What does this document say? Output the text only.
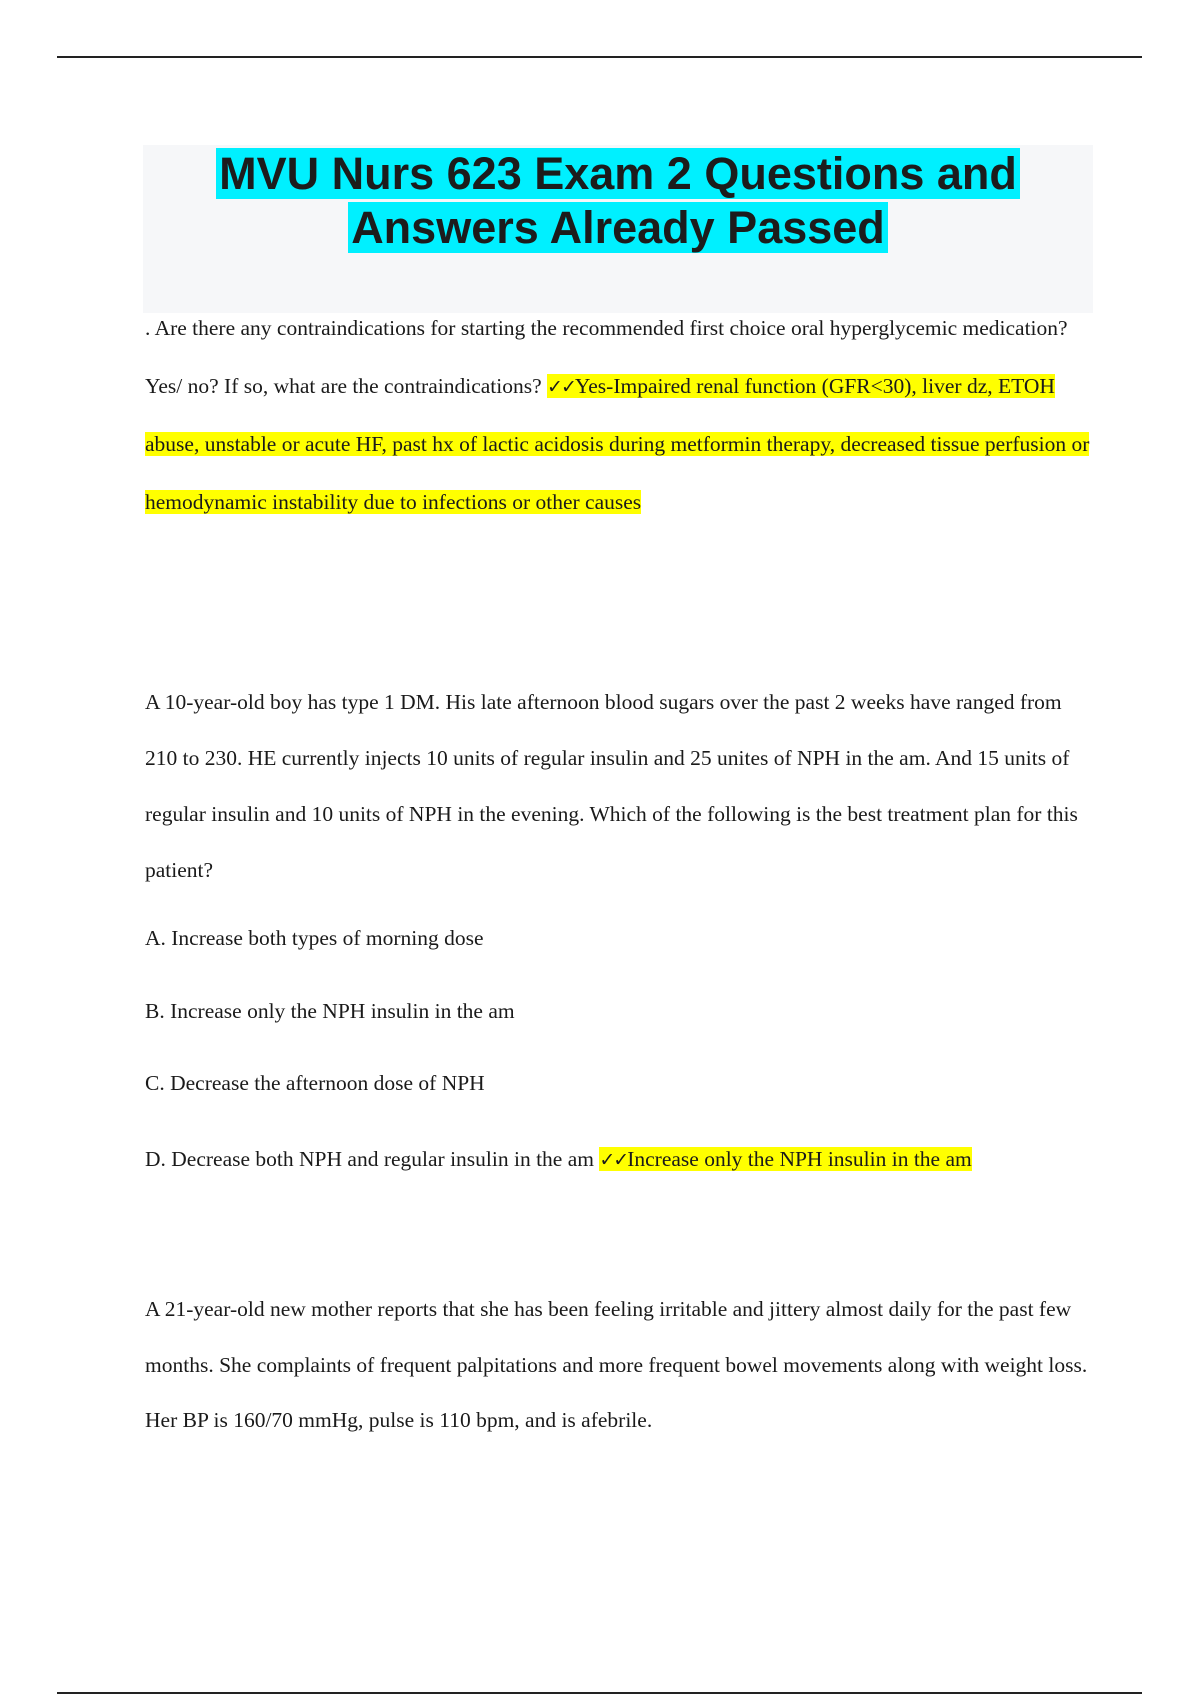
MVU Nurs 623 Exam 2 Questions and Answers Already Passed

. Are there any contraindications for starting the recommended first choice oral hyperglycemic medication? Yes/ no? If so, what are the contraindications? ✓✓Yes-Impaired renal function (GFR<30), liver dz, ETOH abuse, unstable or acute HF, past hx of lactic acidosis during metformin therapy, decreased tissue perfusion or hemodynamic instability due to infections or other causes

A 10-year-old boy has type 1 DM. His late afternoon blood sugars over the past 2 weeks have ranged from 210 to 230. HE currently injects 10 units of regular insulin and 25 unites of NPH in the am. And 15 units of regular insulin and 10 units of NPH in the evening. Which of the following is the best treatment plan for this patient?

A. Increase both types of morning dose

B. Increase only the NPH insulin in the am

C. Decrease the afternoon dose of NPH

D. Decrease both NPH and regular insulin in the am ✓✓Increase only the NPH insulin in the am

A 21-year-old new mother reports that she has been feeling irritable and jittery almost daily for the past few months. She complaints of frequent palpitations and more frequent bowel movements along with weight loss. Her BP is 160/70 mmHg, pulse is 110 bpm, and is afebrile.
